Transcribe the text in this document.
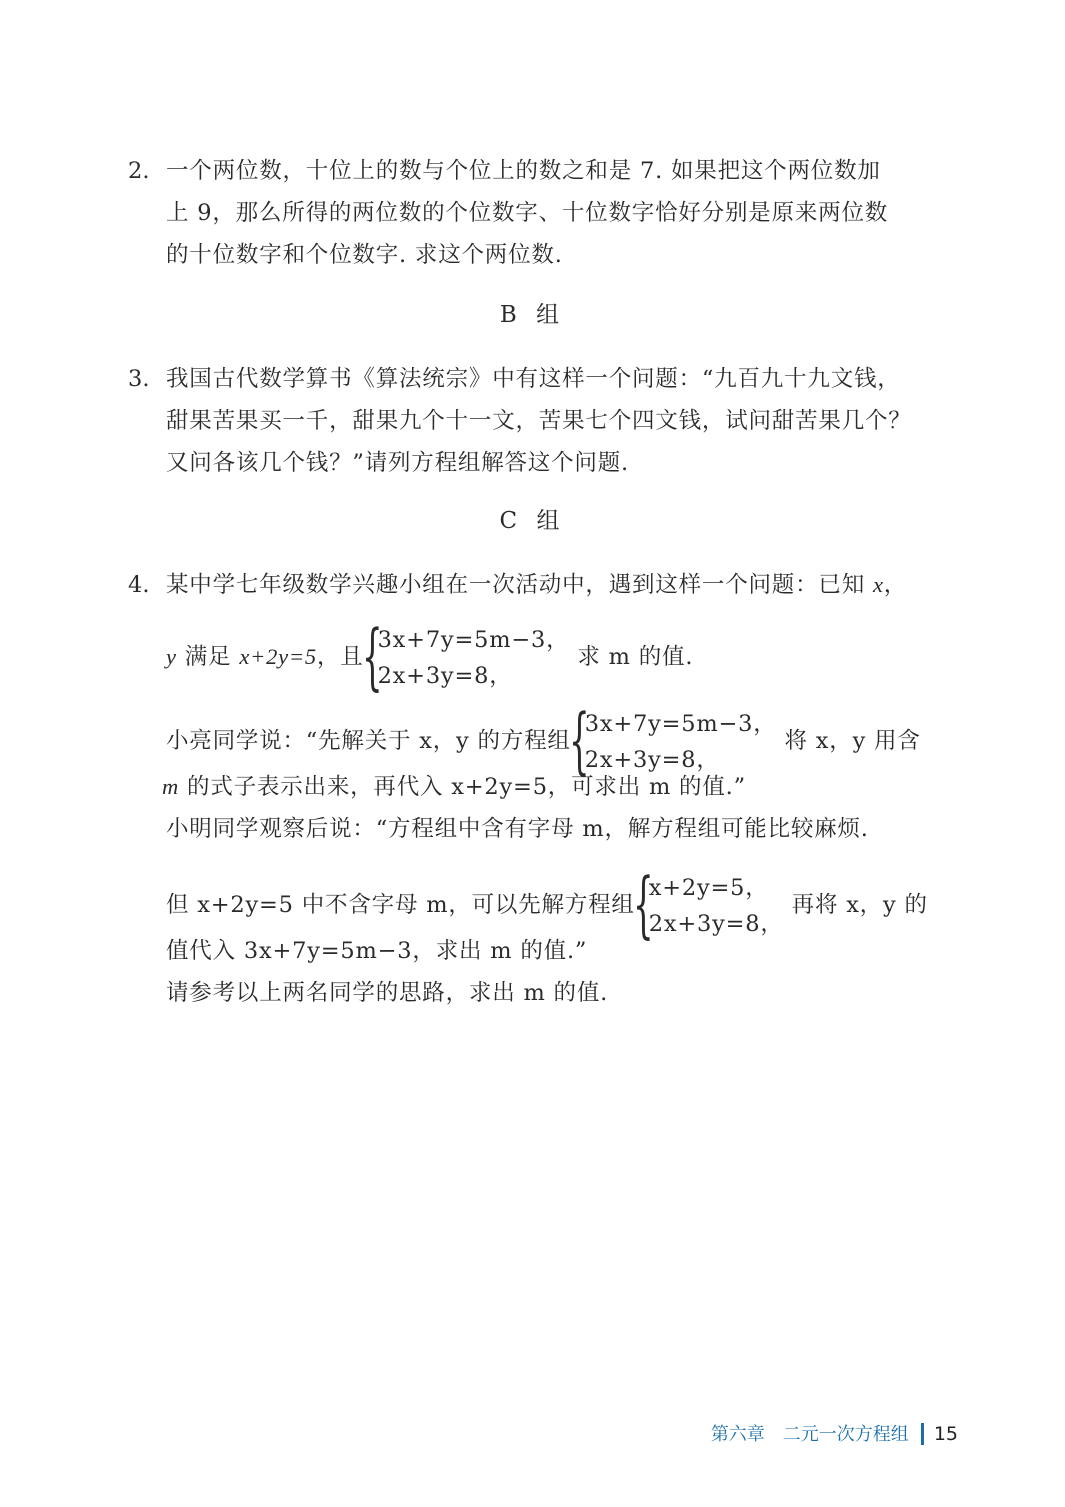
2. 一个两位数，十位上的数与个位上的数之和是 7. 如果把这个两位数加
上 9，那么所得的两位数的个位数字、十位数字恰好分别是原来两位数
的十位数字和个位数字. 求这个两位数.
B 组
3. 我国古代数学算书《算法统宗》中有这样一个问题：“九百九十九文钱，
甜果苦果买一千，甜果九个十一文，苦果七个四文钱，试问甜苦果几个？
又问各该几个钱？”请列方程组解答这个问题.
C 组
4. 某中学七年级数学兴趣小组在一次活动中，遇到这样一个问题：已知 x，
y 满足 x+2y=5，且
{
3x+7y=5m−3，
2x+3y=8，
求 m 的值.
小亮同学说：“先解关于 x，y 的方程组
{
3x+7y=5m−3，
2x+3y=8，
将 x，y 用含
m 的式子表示出来，再代入 x+2y=5，可求出 m 的值.”
小明同学观察后说：“方程组中含有字母 m，解方程组可能比较麻烦.
但 x+2y=5 中不含字母 m，可以先解方程组
{
x+2y=5，
2x+3y=8，
再将 x，y 的
值代入 3x+7y=5m−3，求出 m 的值.”
请参考以上两名同学的思路，求出 m 的值.
第六章　二元一次方程组 15
